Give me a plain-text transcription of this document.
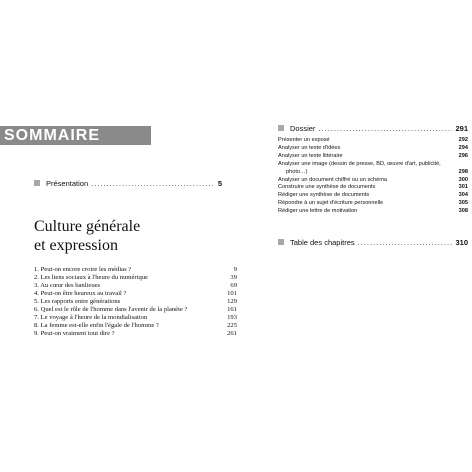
SOMMAIRE
Présentation .....	5
Culture générale
et expression
1. Peut-on encore croire les médias ?	9
2. Les liens sociaux à l'heure du numérique	39
3. Au cœur des banlieues	69
4. Peut-on être heureux au travail ?	101
5. Les rapports entre générations	129
6. Quel est le rôle de l'homme dans l'avenir de la planète ?	161
7. Le voyage à l'heure de la mondialisation	193
8. La femme est-elle enfin l'égale de l'homme ?	225
9. Peut-on vraiment tout dire ?	261
Dossier .....	291
Présenter un exposé	292
Analyser un texte d'idées	294
Analyser un texte littéraire	296
Analyser une image (dessin de presse, BD, œuvre d'art, publicité, photo…)	298
Analyser un document chiffré ou un schéma	300
Construire une synthèse de documents	301
Rédiger une synthèse de documents	304
Répondre à un sujet d'écriture personnelle	305
Rédiger une lettre de motivation	308
Table des chapitres .....	310
